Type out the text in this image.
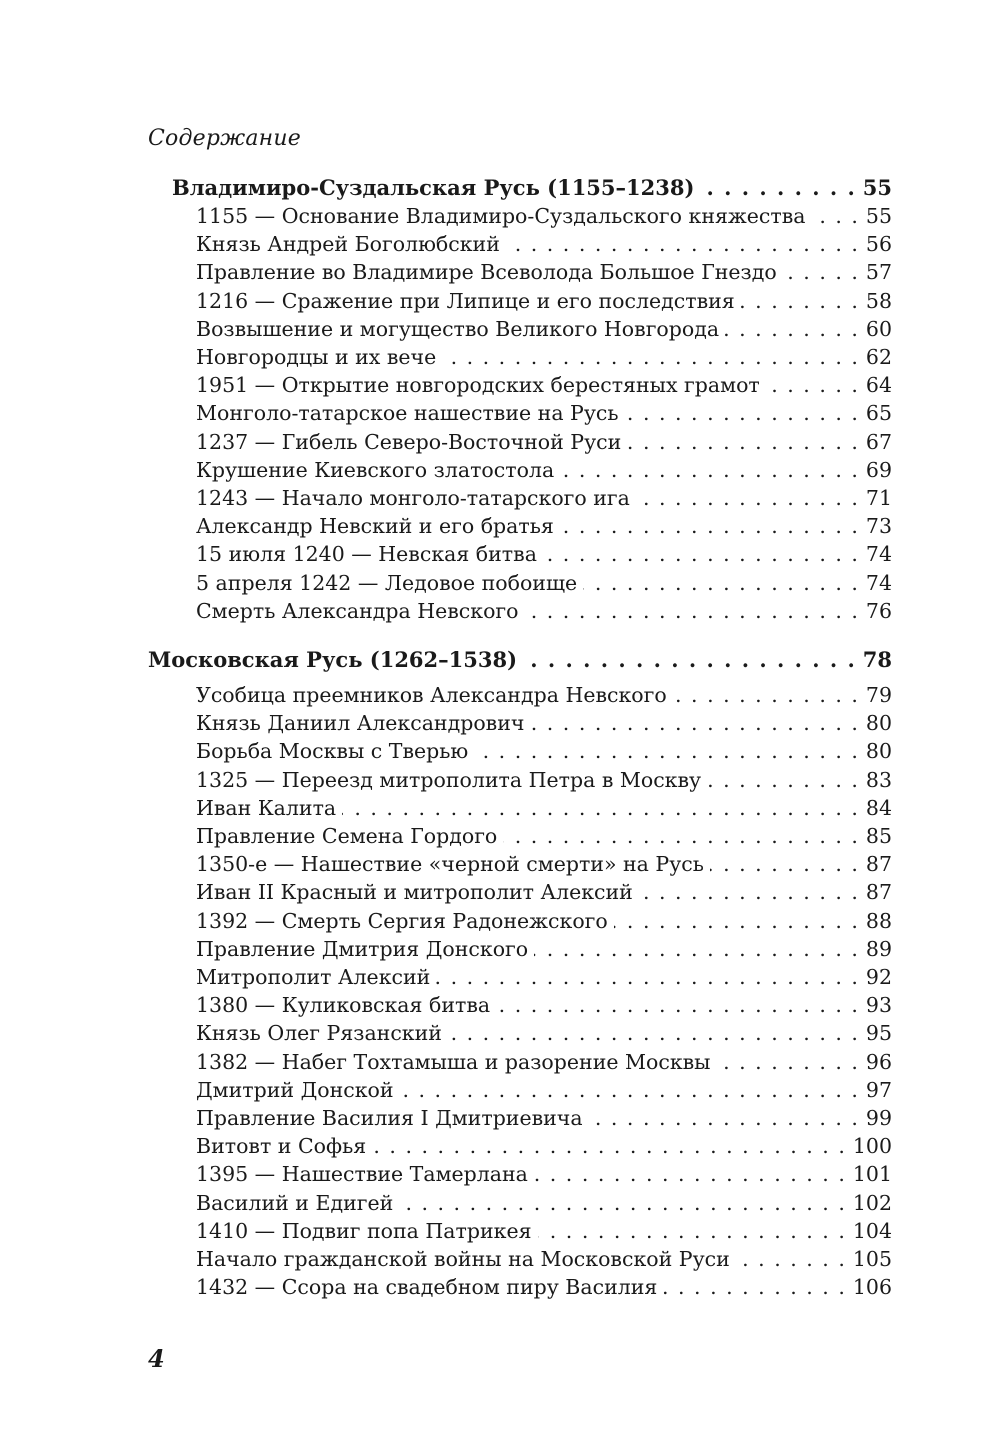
Содержание
Владимиро-Суздальская Русь (1155–1238) . . .	55
1155 — Основание Владимиро-Суздальского княжества . . .	55
Князь Андрей Боголюбский . . .	56
Правление во Владимире Всеволода Большое Гнездо . . .	57
1216 — Сражение при Липице и его последствия . . .	58
Возвышение и могущество Великого Новгорода . . .	60
Новгородцы и их вече . . .	62
1951 — Открытие новгородских берестяных грамот . . .	64
Монголо-татарское нашествие на Русь . . .	65
1237 — Гибель Северо-Восточной Руси . . .	67
Крушение Киевского златостола . . .	69
1243 — Начало монголо-татарского ига . . .	71
Александр Невский и его братья . . .	73
15 июля 1240 — Невская битва . . .	74
5 апреля 1242 — Ледовое побоище . . .	74
Смерть Александра Невского . . .	76
Московская Русь (1262–1538) . . .	78
Усобица преемников Александра Невского . . .	79
Князь Даниил Александрович . . .	80
Борьба Москвы с Тверью . . .	80
1325 — Переезд митрополита Петра в Москву . . .	83
Иван Калита . . .	84
Правление Семена Гордого . . .	85
1350-е — Нашествие «черной смерти» на Русь . . .	87
Иван II Красный и митрополит Алексий . . .	87
1392 — Смерть Сергия Радонежского . . .	88
Правление Дмитрия Донского . . .	89
Митрополит Алексий . . .	92
1380 — Куликовская битва . . .	93
Князь Олег Рязанский . . .	95
1382 — Набег Тохтамыша и разорение Москвы . . .	96
Дмитрий Донской . . .	97
Правление Василия I Дмитриевича . . .	99
Витовт и Софья . . .	100
1395 — Нашествие Тамерлана . . .	101
Василий и Едигей . . .	102
1410 — Подвиг попа Патрикея . . .	104
Начало гражданской войны на Московской Руси . . .	105
1432 — Ссора на свадебном пиру Василия . . .	106
4
